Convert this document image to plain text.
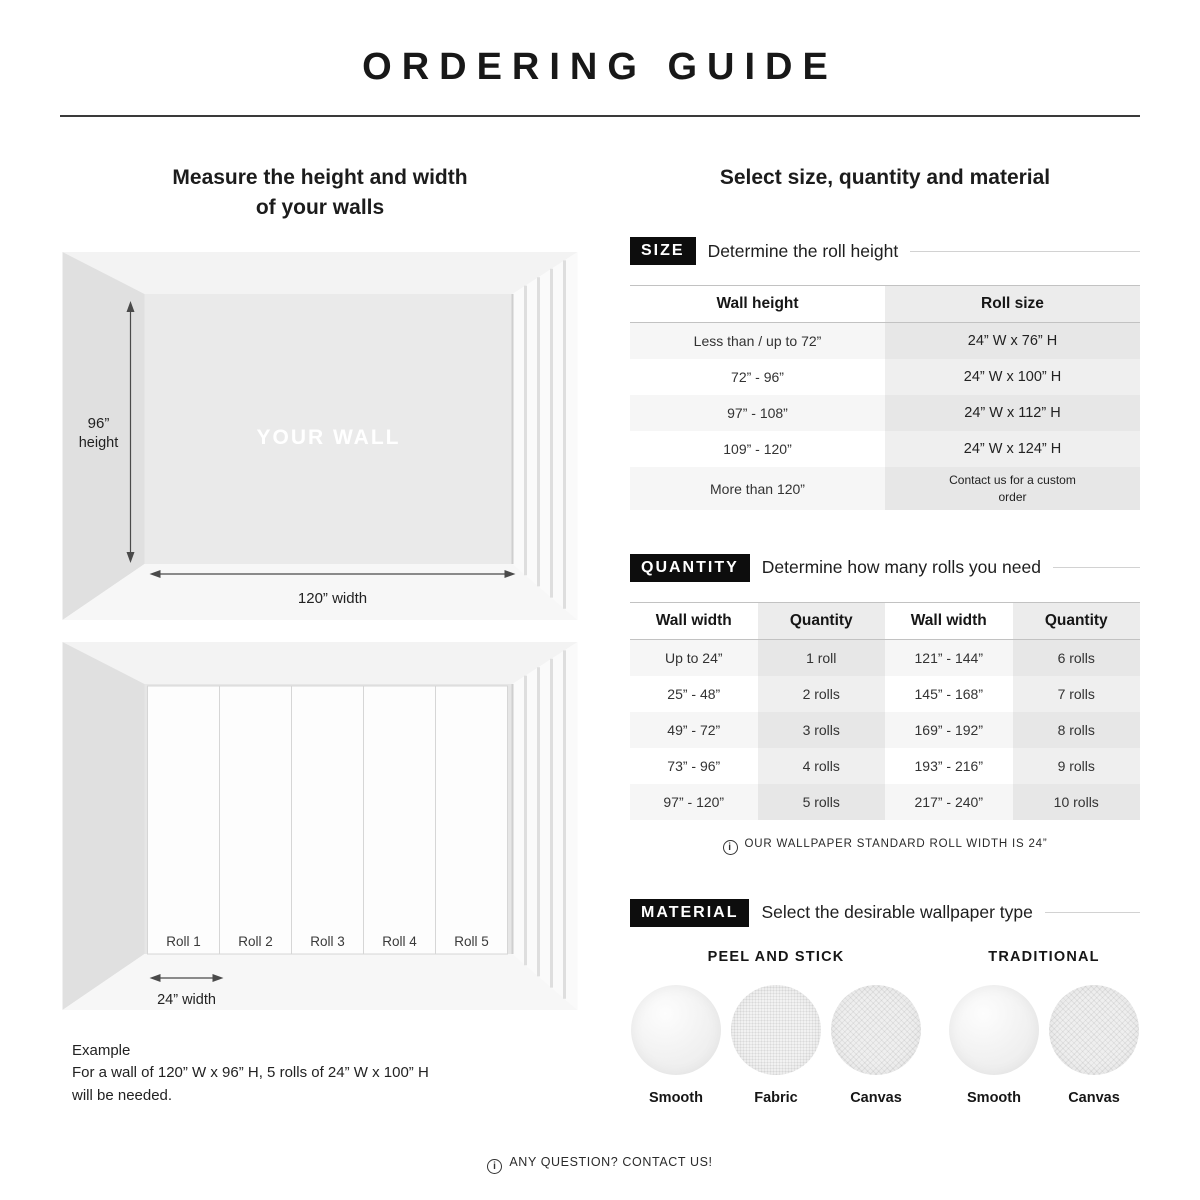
ORDERING GUIDE
Measure the height and width
of your walls
YOUR WALL
96”
height
120” width
Roll 1	Roll 2	Roll 3	Roll 4	Roll 5
24” width
Example
For a wall of 120” W x 96” H, 5 rolls of 24” W x 100” H
will be needed.
Select size, quantity and material
SIZE	Determine the roll height
Wall height	Roll size
Less than / up to 72”	24” W x 76” H
72” - 96”	24” W x 100” H
97” - 108”	24” W x 112” H
109” - 120”	24” W x 124” H
More than 120”	Contact us for a custom order
QUANTITY	Determine how many rolls you need
Wall width	Quantity	Wall width	Quantity
Up to 24”	1 roll	121” - 144”	6 rolls
25” - 48”	2 rolls	145” - 168”	7 rolls
49” - 72”	3 rolls	169” - 192”	8 rolls
73” - 96”	4 rolls	193” - 216”	9 rolls
97” - 120”	5 rolls	217” - 240”	10 rolls
i OUR WALLPAPER STANDARD ROLL WIDTH IS 24”
MATERIAL	Select the desirable wallpaper type
PEEL AND STICK
Smooth	Fabric	Canvas
TRADITIONAL
Smooth	Canvas
i ANY QUESTION? CONTACT US!
